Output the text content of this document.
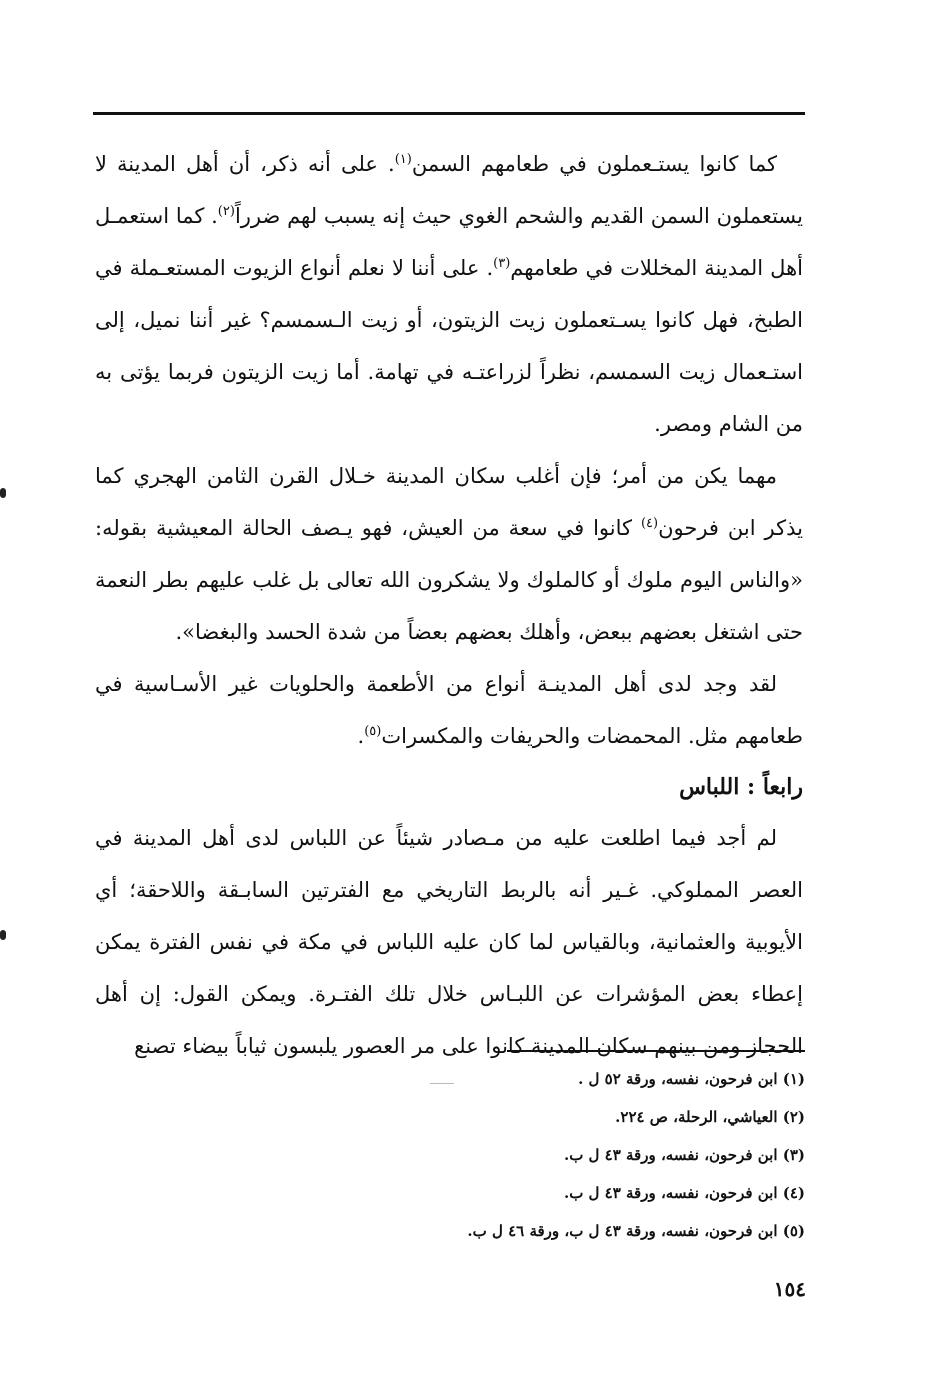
كما كانوا يستـعملون في طعامهم السمن$^{(١)}$. على أنه ذكر، أن أهل المدينة لا يستعملون السمن القديم والشحم الغوي حيث إنه يسبب لهم ضرراً$^{(٢)}$. كما استعمـل أهل المدينة المخللات في طعامهم$^{(٣)}$. على أننا لا نعلم أنواع الزيوت المستعـملة في الطبخ، فهل كانوا يسـتعملون زيت الزيتون، أو زيت الـسمسم؟ غير أننا نميل، إلى استـعمال زيت السمسم، نظراً لزراعتـه في تهامة. أما زيت الزيتون فربما يؤتى به من الشام ومصر.

مهما يكن من أمر؛ فإن أغلب سكان المدينة خـلال القرن الثامن الهجري كما يذكر ابن فرحون$^{(٤)}$ كانوا في سعة من العيش، فهو يـصف الحالة المعيشية بقوله: «والناس اليوم ملوك أو كالملوك ولا يشكرون الله تعالى بل غلب عليهم بطر النعمة حتى اشتغل بعضهم ببعض، وأهلك بعضهم بعضاً من شدة الحسد والبغضا».

لقد وجد لدى أهل المدينـة أنواع من الأطعمة والحلويات غير الأسـاسية في طعامهم مثل. المحمضات والحريفات والمكسرات$^{(٥)}$.

رابعاً : اللباس

لم أجد فيما اطلعت عليه من مـصادر شيئاً عن اللباس لدى أهل المدينة في العصر المملوكي. غـير أنه بالربط التاريخي مع الفترتين السابـقة واللاحقة؛ أي الأيوبية والعثمانية، وبالقياس لما كان عليه اللباس في مكة في نفس الفترة يمكن إعطاء بعض المؤشرات عن اللبـاس خلال تلك الفتـرة. ويمكن القول: إن أهل الحجاز ومن بينهم سكان المدينة كانوا على مر العصور يلبسون ثياباً بيضاء تصنع

(١) ابن فرحون، نفسه، ورقة ٥٢ ل .

(٢) العياشي، الرحلة، ص ٢٢٤.

(٣) ابن فرحون، نفسه، ورقة ٤٣ ل ب.

(٤) ابن فرحون، نفسه، ورقة ٤٣ ل ب.

(٥) ابن فرحون، نفسه، ورقة ٤٣ ل ب، ورقة ٤٦ ل ب.

١٥٤
